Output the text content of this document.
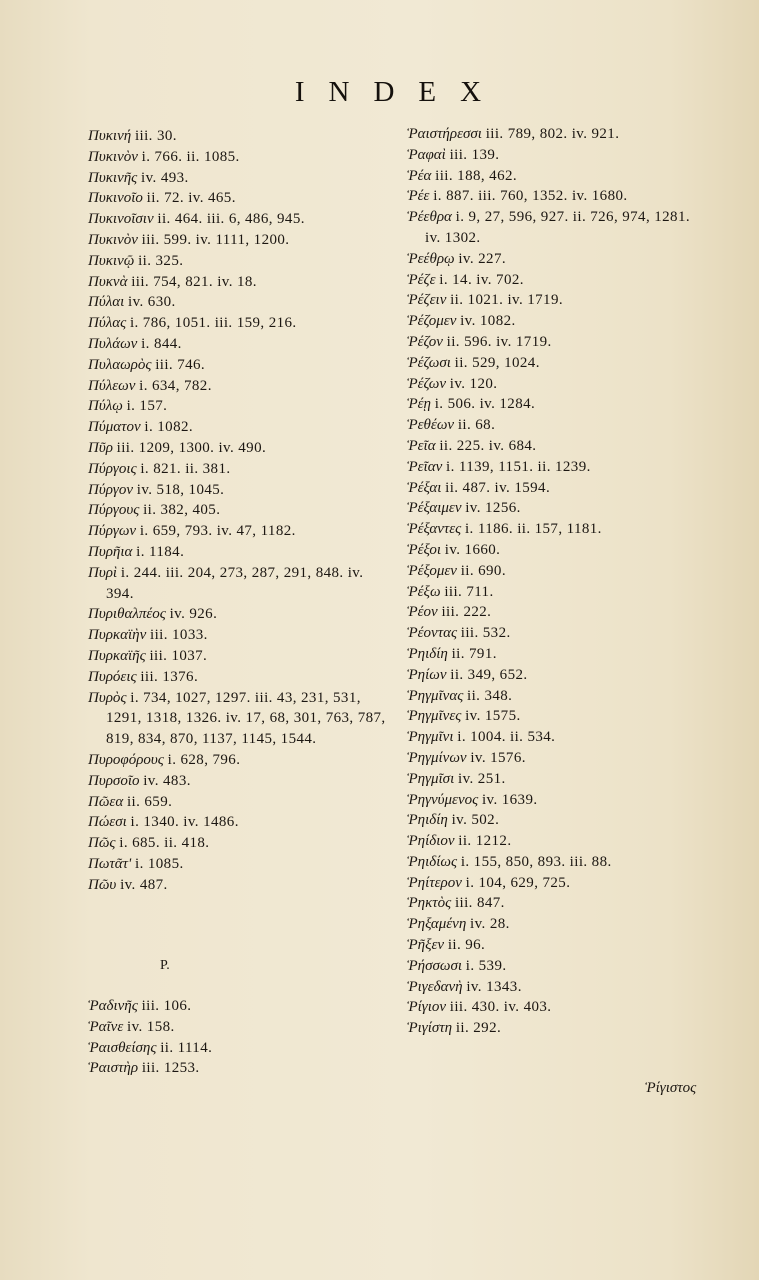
INDEX
Πυκινή iii. 30.
Πυκινὸν i. 766. ii. 1085.
Πυκινῆς iv. 493.
Πυκινοῖο ii. 72. iv. 465.
Πυκινοῖσιν ii. 464. iii. 6, 486, 945.
Πυκινὸν iii. 599. iv. 1111, 1200.
Πυκινῷ ii. 325.
Πυκνὰ iii. 754, 821. iv. 18.
Πύλαι iv. 630.
Πύλας i. 786, 1051. iii. 159, 216.
Πυλάων i. 844.
Πυλαωρὸς iii. 746.
Πύλεων i. 634, 782.
Πύλῳ i. 157.
Πύματον i. 1082.
Πῦρ iii. 1209, 1300. iv. 490.
Πύργοις i. 821. ii. 381.
Πύργον iv. 518, 1045.
Πύργους ii. 382, 405.
Πύργων i. 659, 793. iv. 47, 1182.
Πυρῆια i. 1184.
Πυρὶ i. 244. iii. 204, 273, 287, 291, 848. iv. 394.
Πυριθαλπέος iv. 926.
Πυρκαϊὴν iii. 1033.
Πυρκαϊῆς iii. 1037.
Πυρόεις iii. 1376.
Πυρὸς i. 734, 1027, 1297. iii. 43, 231, 531, 1291, 1318, 1326. iv. 17, 68, 301, 763, 787, 819, 834, 870, 1137, 1145, 1544.
Πυροφόρους i. 628, 796.
Πυρσοῖο iv. 483.
Πῶεα ii. 659.
Πώεσι i. 1340. iv. 1486.
Πῶς i. 685. ii. 418.
Πωτᾶτ' i. 1085.
Πῶυ iv. 487.

P.

Ῥαδινῆς iii. 106.
Ῥαῖνε iv. 158.
Ῥαισθείσης ii. 1114.
Ῥαιστὴρ iii. 1253.
Ῥαιστήρεσσι iii. 789, 802. iv. 921.
Ῥαφαὶ iii. 139.
Ῥέα iii. 188, 462.
Ῥέε i. 887. iii. 760, 1352. iv. 1680.
Ῥέεθρα i. 9, 27, 596, 927. ii. 726, 974, 1281. iv. 1302.
Ῥεέθρῳ iv. 227.
Ῥέζε i. 14. iv. 702.
Ῥέζειν ii. 1021. iv. 1719.
Ῥέζομεν iv. 1082.
Ῥέζον ii. 596. iv. 1719.
Ῥέζωσι ii. 529, 1024.
Ῥέζων iv. 120.
Ῥέῃ i. 506. iv. 1284.
Ῥεθέων ii. 68.
Ῥεῖα ii. 225. iv. 684.
Ῥεῖαν i. 1139, 1151. ii. 1239.
Ῥέξαι ii. 487. iv. 1594.
Ῥέξαιμεν iv. 1256.
Ῥέξαντες i. 1186. ii. 157, 1181.
Ῥέξοι iv. 1660.
Ῥέξομεν ii. 690.
Ῥέξω iii. 711.
Ῥέον iii. 222.
Ῥέοντας iii. 532.
Ῥηιδίη ii. 791.
Ῥηίων ii. 349, 652.
Ῥηγμῖνας ii. 348.
Ῥηγμῖνες iv. 1575.
Ῥηγμῖνι i. 1004. ii. 534.
Ῥηγμίνων iv. 1576.
Ῥηγμῖσι iv. 251.
Ῥηγνύμενος iv. 1639.
Ῥηιδίη iv. 502.
Ῥηίδιον ii. 1212.
Ῥηιδίως i. 155, 850, 893. iii. 88.
Ῥηίτερον i. 104, 629, 725.
Ῥηκτὸς iii. 847.
Ῥηξαμένη iv. 28.
Ῥῆξεν ii. 96.
Ῥήσσωσι i. 539.
Ῥιγεδανὴ iv. 1343.
Ῥίγιον iii. 430. iv. 403.
Ῥιγίστη ii. 292.
Ῥίγιστος
